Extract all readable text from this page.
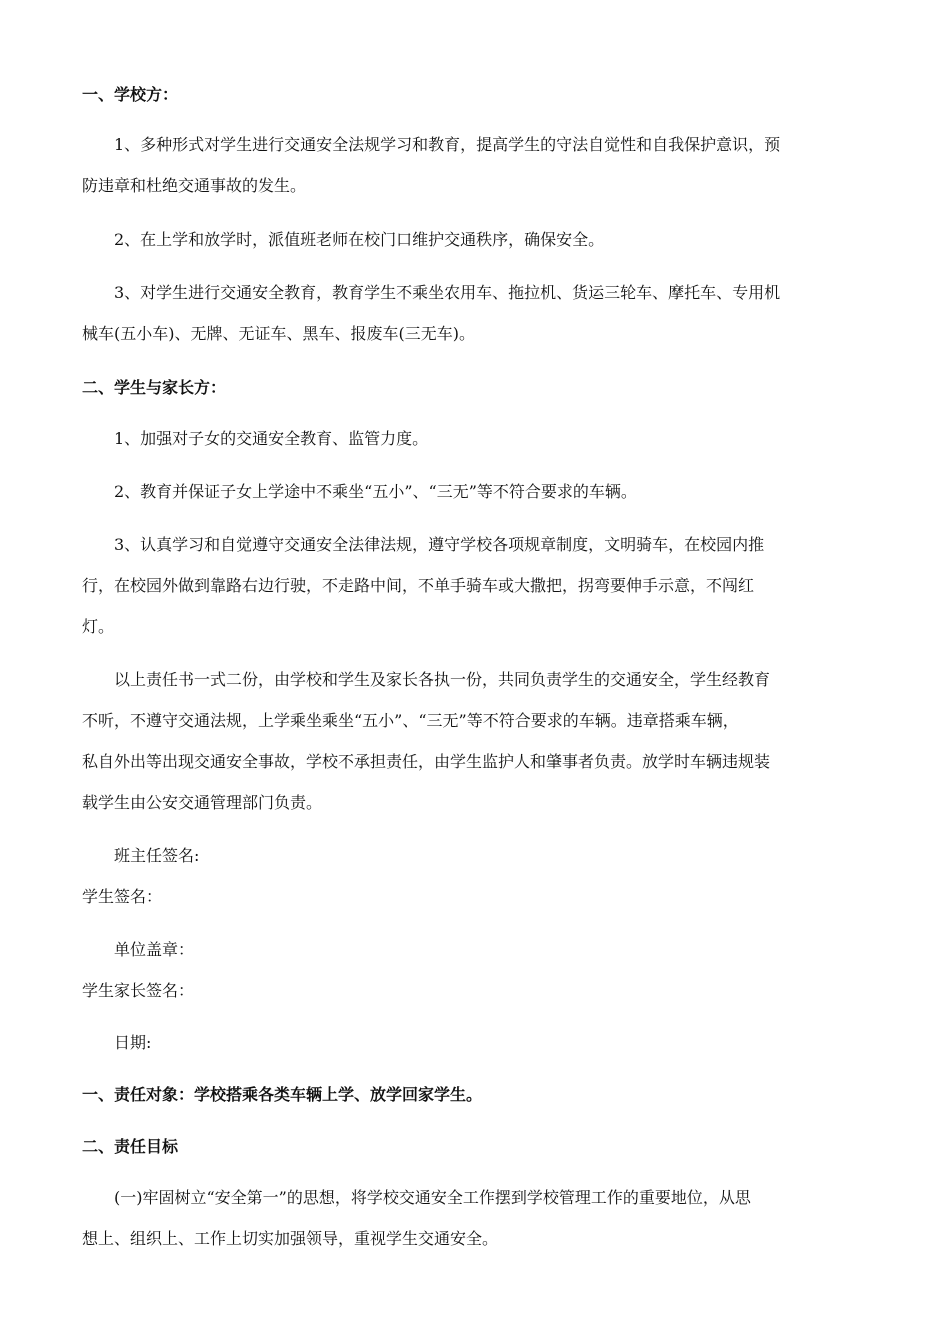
一、学校方：
1、多种形式对学生进行交通安全法规学习和教育，提高学生的守法自觉性和自我保护意识，预
防违章和杜绝交通事故的发生。
2、在上学和放学时，派值班老师在校门口维护交通秩序，确保安全。
3、对学生进行交通安全教育，教育学生不乘坐农用车、拖拉机、货运三轮车、摩托车、专用机
械车(五小车)、无牌、无证车、黑车、报废车(三无车)。
二、学生与家长方：
1、加强对子女的交通安全教育、监管力度。
2、教育并保证子女上学途中不乘坐“五小”、“三无”等不符合要求的车辆。
3、认真学习和自觉遵守交通安全法律法规，遵守学校各项规章制度，文明骑车，在校园内推
行，在校园外做到靠路右边行驶，不走路中间，不单手骑车或大撒把，拐弯要伸手示意，不闯红
灯。
以上责任书一式二份，由学校和学生及家长各执一份，共同负责学生的交通安全，学生经教育
不听，不遵守交通法规，上学乘坐乘坐“五小”、“三无”等不符合要求的车辆。违章搭乘车辆，
私自外出等出现交通安全事故，学校不承担责任，由学生监护人和肇事者负责。放学时车辆违规装
载学生由公安交通管理部门负责。
班主任签名:
学生签名：
单位盖章：
学生家长签名：
日期:
一、责任对象：学校搭乘各类车辆上学、放学回家学生。
二、责任目标
(一)牢固树立“安全第一”的思想，将学校交通安全工作摆到学校管理工作的重要地位，从思
想上、组织上、工作上切实加强领导，重视学生交通安全。
